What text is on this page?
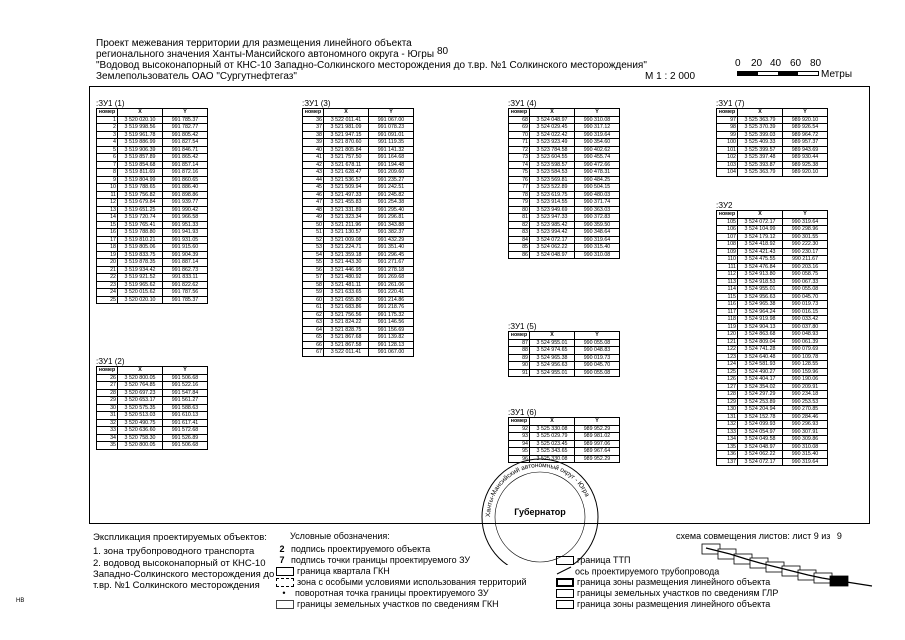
Проект межевания территории для размещения линейного объекта
регионального значения Ханты-Мансийского автономного округа - Югры 80
"Водовод высоконапорный от КНС-10 Западно-Солкинского месторождения до т.вр. №1 Солкинского месторождения"
Землепользователь ОАО "Сургутнефтегаз"	М 1 : 2 000
0 20 40 60 80
Метры
:ЗУ1 (1)
номер	X	Y
1	3 520 020.10	991 785.37
2	3 519 998.56	991 782.77
3	3 519 961.78	991 805.42
4	3 519 886.99	991 827.54
5	3 519 906.39	991 846.71
6	3 519 857.89	991 865.42
7	3 519 854.68	991 857.14
8	3 519 811.69	991 872.16
9	3 519 804.99	991 860.65
10	3 519 788.65	991 886.40
11	3 519 756.82	991 898.86
12	3 519 679.84	991 939.77
13	3 519 651.25	991 990.42
14	3 519 720.74	991 966.58
15	3 519 765.41	991 951.33
16	3 519 788.80	991 941.93
17	3 519 810.21	991 931.05
18	3 519 805.06	991 915.60
19	3 519 833.75	991 904.39
20	3 519 878.35	991 887.14
21	3 519 934.42	991 862.73
22	3 519 921.52	991 833.11
23	3 519 965.62	991 822.62
24	3 520 015.62	991 787.56
25	3 520 020.10	991 785.37
:ЗУ1 (2)
номер	X	Y
26	3 520 800.05	991 506.68
27	3 520 764.85	991 522.16
28	3 520 697.23	991 547.84
29	3 520 653.17	991 561.27
30	3 520 575.35	991 588.63
31	3 520 513.03	991 610.13
32	3 520 490.75	991 617.41
33	3 520 636.60	991 572.68
34	3 520 758.30	991 526.89
35	3 520 800.05	991 506.68
:ЗУ1 (3)
номер	X	Y
36	3 522 011.41	991 067.00
37	3 521 981.09	991 078.23
38	3 521 947.15	991 091.01
39	3 521 870.60	991 119.35
40	3 521 805.84	991 141.32
41	3 521 757.50	991 164.68
42	3 521 678.11	991 194.48
43	3 521 628.47	991 209.60
44	3 521 536.57	991 235.27
45	3 521 509.94	991 242.51
46	3 521 497.33	991 245.82
47	3 521 455.83	991 254.38
48	3 521 331.89	991 295.40
49	3 521 323.34	991 296.81
50	3 521 211.96	991 343.88
51	3 521 130.57	991 382.37
52	3 521 009.08	991 432.29
53	3 521 224.71	991 351.40
54	3 521 359.18	991 296.45
55	3 521 443.30	991 271.67
56	3 521 446.95	991 278.18
57	3 521 480.92	991 269.68
58	3 521 481.11	991 261.06
59	3 521 633.65	991 220.41
60	3 521 655.80	991 214.86
61	3 521 683.86	991 218.76
62	3 521 756.56	991 175.32
63	3 521 824.22	991 146.56
64	3 521 828.75	991 156.69
65	3 521 867.68	991 139.82
66	3 521 867.58	991 128.13
67	3 522 011.41	991 067.00
:ЗУ1 (4)
номер	X	Y
68	3 524 048.97	990 310.08
69	3 524 029.45	990 317.12
70	3 524 022.42	990 319.64
71	3 523 923.49	990 354.60
72	3 523 784.58	990 402.62
73	3 523 604.55	990 455.74
74	3 523 598.57	990 472.66
75	3 523 584.53	990 478.31
76	3 523 569.81	990 484.25
77	3 523 522.89	990 504.15
78	3 523 619.75	990 480.03
79	3 523 914.55	990 371.74
80	3 523 949.69	990 363.03
81	3 523 947.33	990 372.83
82	3 523 985.42	990 359.50
83	3 523 994.42	990 348.64
84	3 524 072.17	990 319.64
85	3 524 062.22	990 315.40
86	3 524 048.97	990 310.08
:ЗУ1 (5)
номер	X	Y
87	3 524 955.01	990 055.08
88	3 524 974.65	990 048.83
89	3 524 965.38	990 019.73
90	3 524 956.63	990 045.70
91	3 524 955.01	990 055.08
:ЗУ1 (6)
номер	X	Y
92	3 525 330.08	989 952.29
93	3 525 029.79	989 981.02
94	3 525 023.45	989 997.06
95	3 525 343.65	989 967.64
96	3 525 330.08	989 952.29
:ЗУ1 (7)
номер	X	Y
97	3 525 363.79	989 920.10
98	3 525 370.39	989 926.54
99	3 525 399.03	989 964.72
100	3 525 409.33	989 957.37
101	3 525 399.57	989 943.69
102	3 525 397.48	989 930.44
103	3 525 393.87	989 925.38
104	3 525 363.79	989 920.10
:ЗУ2
номер	X	Y
105	3 524 072.17	990 319.64
106	3 524 104.99	990 298.96
107	3 524 179.12	990 301.55
108	3 524 418.92	990 222.30
109	3 524 421.43	990 230.17
110	3 524 475.55	990 211.67
111	3 524 476.84	990 203.16
112	3 524 913.80	990 058.75
113	3 524 918.53	990 067.33
114	3 524 955.01	990 055.08
115	3 524 956.63	990 045.70
116	3 524 965.38	990 019.73
117	3 524 964.24	990 016.15
118	3 524 919.98	990 033.42
119	3 524 904.13	990 037.80
120	3 524 863.68	990 048.93
121	3 524 809.04	990 061.39
122	3 524 741.28	990 079.69
123	3 524 640.48	990 109.78
124	3 524 581.93	990 128.55
125	3 524 490.27	990 159.96
126	3 524 404.17	990 190.06
127	3 524 354.02	990 209.91
128	3 524 297.29	990 234.18
129	3 524 253.89	990 253.53
130	3 524 204.94	990 270.85
131	3 524 152.78	990 284.46
132	3 524 099.93	990 296.93
133	3 524 054.97	990 307.91
134	3 524 049.58	990 309.86
135	3 524 048.97	990 310.08
136	3 524 062.22	990 315.40
137	3 524 072.17	990 319.64
Ханты-Мансийский автономный округ - Югра
Губернатор
Экспликация проектируемых объектов:
1. зона трубопроводного транспорта
2. водовод высоконапорный от КНС-10
Западно-Солкинского месторождения до
т.вр. №1 Солкинского месторождения
Условные обозначения:
2 подпись проектируемого объекта
7 подпись точки границы проектируемого ЗУ
граница квартала ГКН
зона с особыми условиями использования территорий
• поворотная точка границы проектируемого ЗУ
границы земельных участков по сведениям ГКН
граница ТТП
ось проектируемого трубопровода
граница зоны размещения линейного объекта
границы земельных участков по сведениям ГЛР
граница зоны размещения линейного объекта
схема совмещения листов: лист 9 из 9
НВ
